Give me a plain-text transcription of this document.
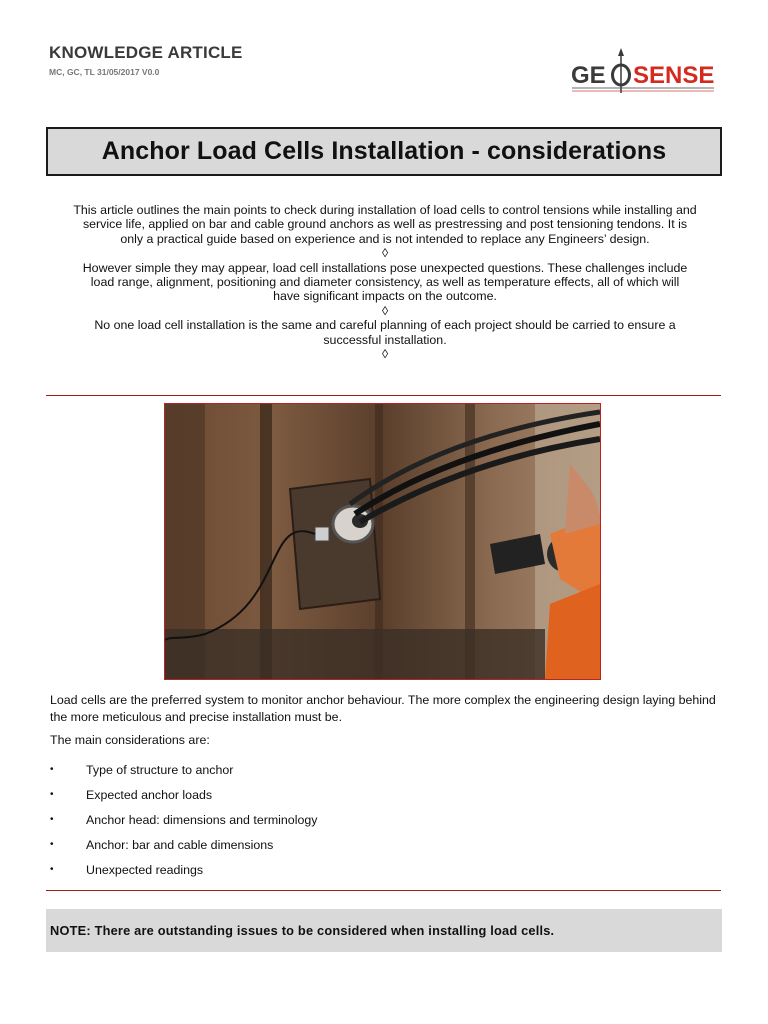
KNOWLEDGE ARTICLE
MC, GC, TL 31/05/2017 V0.0	GE SENSE
Anchor Load Cells Installation - considerations

This article outlines the main points to check during installation of load cells to control tensions while installing and service life, applied on bar and cable ground anchors as well as prestressing and post tensioning tendons. It is only a practical guide based on experience and is not intended to replace any Engineers’ design.

◊

However simple they may appear, load cell installations pose unexpected questions. These challenges include load range, alignment, positioning and diameter consistency, as well as temperature effects, all of which will have significant impacts on the outcome.

◊

No one load cell installation is the same and careful planning of each project should be carried to ensure a successful installation.

◊

Load cells are the preferred system to monitor anchor behaviour. The more complex the engineering design laying behind the more meticulous and precise installation must be.

The main considerations are:

•	Type of structure to anchor
•	Expected anchor loads
•	Anchor head: dimensions and terminology
•	Anchor: bar and cable dimensions
•	Unexpected readings
NOTE: There are outstanding issues to be considered when installing load cells.
